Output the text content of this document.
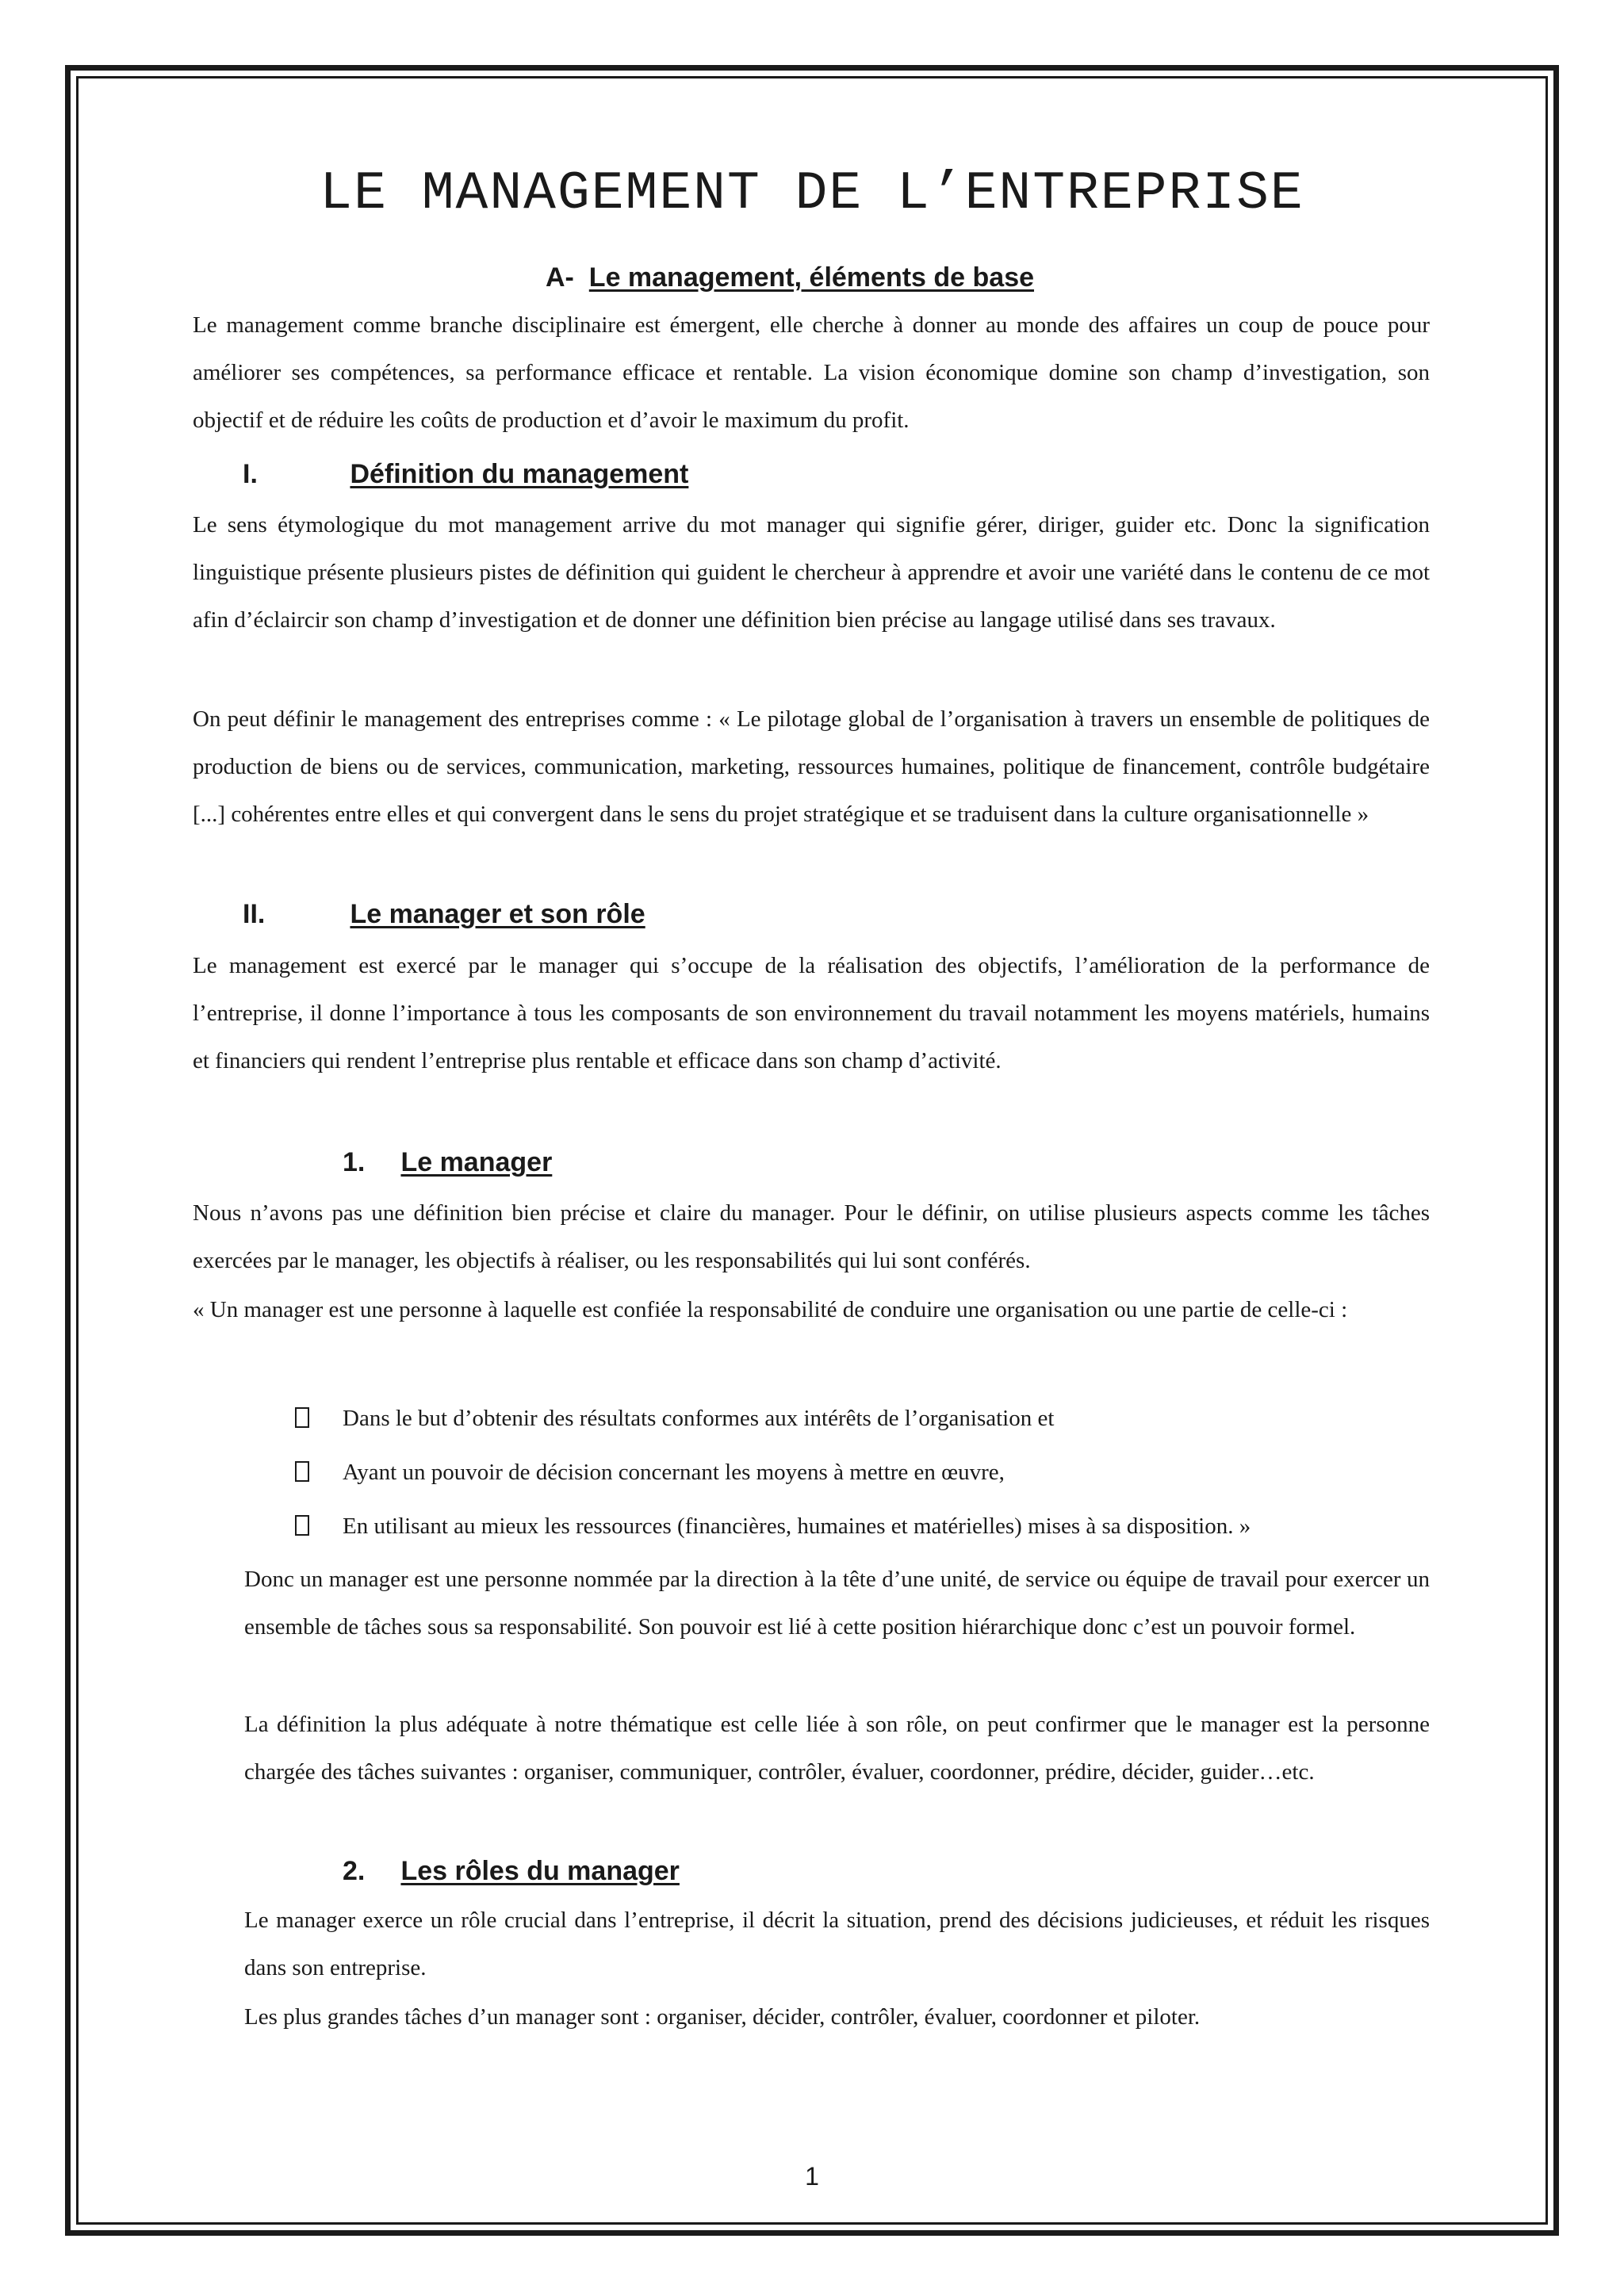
LE MANAGEMENT DE L’ENTREPRISE
A- Le management, éléments de base

Le management comme branche disciplinaire est émergent, elle cherche à donner au monde des affaires un coup de pouce pour améliorer ses compétences, sa performance efficace et rentable. La vision économique domine son champ d’investigation, son objectif et de réduire les coûts de production et d’avoir le maximum du profit.

I.	Définition du management

Le sens étymologique du mot management arrive du mot manager qui signifie gérer, diriger, guider etc. Donc la signification linguistique présente plusieurs pistes de définition qui guident le chercheur à apprendre et avoir une variété dans le contenu de ce mot afin d’éclaircir son champ d’investigation et de donner une définition bien précise au langage utilisé dans ses travaux.

On peut définir le management des entreprises comme : « Le pilotage global de l’organisation à travers un ensemble de politiques de production de biens ou de services, communication, marketing, ressources humaines, politique de financement, contrôle budgétaire [...] cohérentes entre elles et qui convergent dans le sens du projet stratégique et se traduisent dans la culture organisationnelle »

II.	Le manager et son rôle

Le management est exercé par le manager qui s’occupe de la réalisation des objectifs, l’amélioration de la performance de l’entreprise, il donne l’importance à tous les composants de son environnement du travail notamment les moyens matériels, humains et financiers qui rendent l’entreprise plus rentable et efficace dans son champ d’activité.

1. Le manager

Nous n’avons pas une définition bien précise et claire du manager. Pour le définir, on utilise plusieurs aspects comme les tâches exercées par le manager, les objectifs à réaliser, ou les responsabilités qui lui sont conférés.

« Un manager est une personne à laquelle est confiée la responsabilité de conduire une organisation ou une partie de celle-ci :

Dans le but d’obtenir des résultats conformes aux intérêts de l’organisation et
Ayant un pouvoir de décision concernant les moyens à mettre en œuvre,
En utilisant au mieux les ressources (financières, humaines et matérielles) mises à sa disposition. »

Donc un manager est une personne nommée par la direction à la tête d’une unité, de service ou équipe de travail pour exercer un ensemble de tâches sous sa responsabilité. Son pouvoir est lié à cette position hiérarchique donc c’est un pouvoir formel.

La définition la plus adéquate à notre thématique est celle liée à son rôle, on peut confirmer que le manager est la personne chargée des tâches suivantes : organiser, communiquer, contrôler, évaluer, coordonner, prédire, décider, guider…etc.

2. Les rôles du manager

Le manager exerce un rôle crucial dans l’entreprise, il décrit la situation, prend des décisions judicieuses, et réduit les risques dans son entreprise.

Les plus grandes tâches d’un manager sont : organiser, décider, contrôler, évaluer, coordonner et piloter.

1
